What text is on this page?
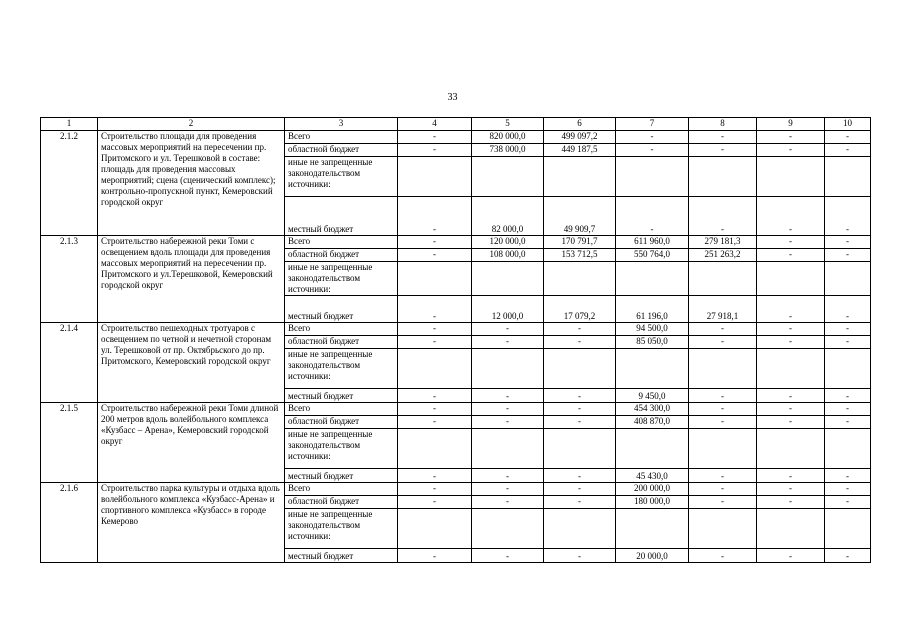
33
1	2	3	4	5	6	7	8	9	10
2.1.2	Строительство площади для проведения массовых мероприятий на пересечении пр. Притомского и ул. Терешковой в составе: площадь для проведения массовых мероприятий; сцена (сценический комплекс); контрольно-пропускной пункт, Кемеровский городской округ	Всего	-	820 000,0	499 097,2	-	-	-	-
		областной бюджет	-	738 000,0	449 187,5	-	-	-	-
		иные не запрещенные законодательством источники:							
		местный бюджет	-	82 000,0	49 909,7	-	-	-	-
2.1.3	Строительство набережной реки Томи с освещением вдоль площади для проведения массовых мероприятий на пересечении пр. Притомского и ул.Терешковой, Кемеровский городской округ	Всего	-	120 000,0	170 791,7	611 960,0	279 181,3	-	-
		областной бюджет	-	108 000,0	153 712,5	550 764,0	251 263,2	-	-
		иные не запрещенные законодательством источники:							
		местный бюджет	-	12 000,0	17 079,2	61 196,0	27 918,1	-	-
2.1.4	Строительство пешеходных тротуаров с освещением по четной и нечетной сторонам ул. Терешковой от пр. Октябрьского до пр. Притомского, Кемеровский городской округ	Всего	-	-	-	94 500,0	-	-	-
		областной бюджет	-	-	-	85 050,0	-	-	-
		иные не запрещенные законодательством источники:							
		местный бюджет	-	-	-	9 450,0	-	-	-
2.1.5	Строительство набережной реки Томи длиной 200 метров вдоль волейбольного комплекса «Кузбасс – Арена», Кемеровский городской округ	Всего	-	-	-	454 300,0	-	-	-
		областной бюджет	-	-	-	408 870,0	-	-	-
		иные не запрещенные законодательством источники:							
		местный бюджет	-	-	-	45 430,0	-	-	-
2.1.6	Строительство парка культуры и отдыха вдоль волейбольного комплекса «Кузбасс-Арена» и спортивного комплекса «Кузбасс» в городе Кемерово	Всего	-	-	-	200 000,0	-	-	-
		областной бюджет	-	-	-	180 000,0	-	-	-
		иные не запрещенные законодательством источники:							
		местный бюджет	-	-	-	20 000,0	-	-	-
